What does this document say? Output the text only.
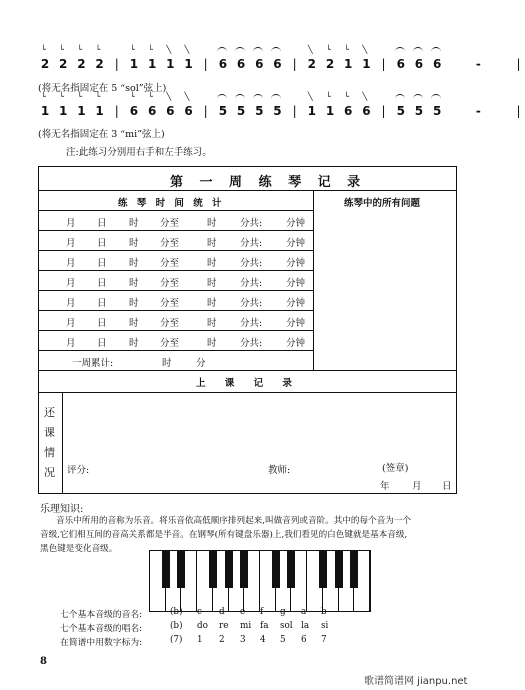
└
2
└
2
└
2
└
2 |
└
1
└
1
╲
1
╲
1 | 6 6 6 6 |
╲
2
└
2
└
1
╲
1 | 6 6 6	-	|
(将无名指固定在 5 “sol”弦上)
└
1
└
1
└
1
└
1 |
└
6
└
6
╲
6
╲
6 | 5 5 5 5 |
╲
1
└
1
└
6
╲
6 | 5 5 5	-	|
(将无名指固定在 3 “mi”弦上)
注:此练习分别用右手和左手练习。
第 一 周 练 琴 记 录
练 琴 时 间 统 计	练琴中的所有问题
月 日 时 分至	时 分共:	分钟
月 日 时 分至	时 分共:	分钟
月 日 时 分至	时 分共:	分钟
月 日 时 分至	时 分共:	分钟
月 日 时 分至	时 分共:	分钟
月 日 时 分至	时 分共:	分钟
月 日 时 分至	时 分共:	分钟
一周累计:	时	分
上 课 记 录
还
课
情
况 评分:	教师:	(签章)
年 月 日
乐理知识:
音乐中所用的音称为乐音。将乐音依高低顺序排列起来,叫做音列或音阶。其中的每个音为一个
音级,它们相互间的音高关系都是半音。在钢琴(所有键盘乐器)上,我们看见的白色键就是基本音级,
黑色键是变化音级。
七个基本音级的音名:	(b) c d e f g a b
七个基本音级的唱名:	(b) do re mi fa sol la si
在简谱中用数字标为:	(7) 1 2 3 4 5 6 7
8
歌谱简谱网 jianpu.net
